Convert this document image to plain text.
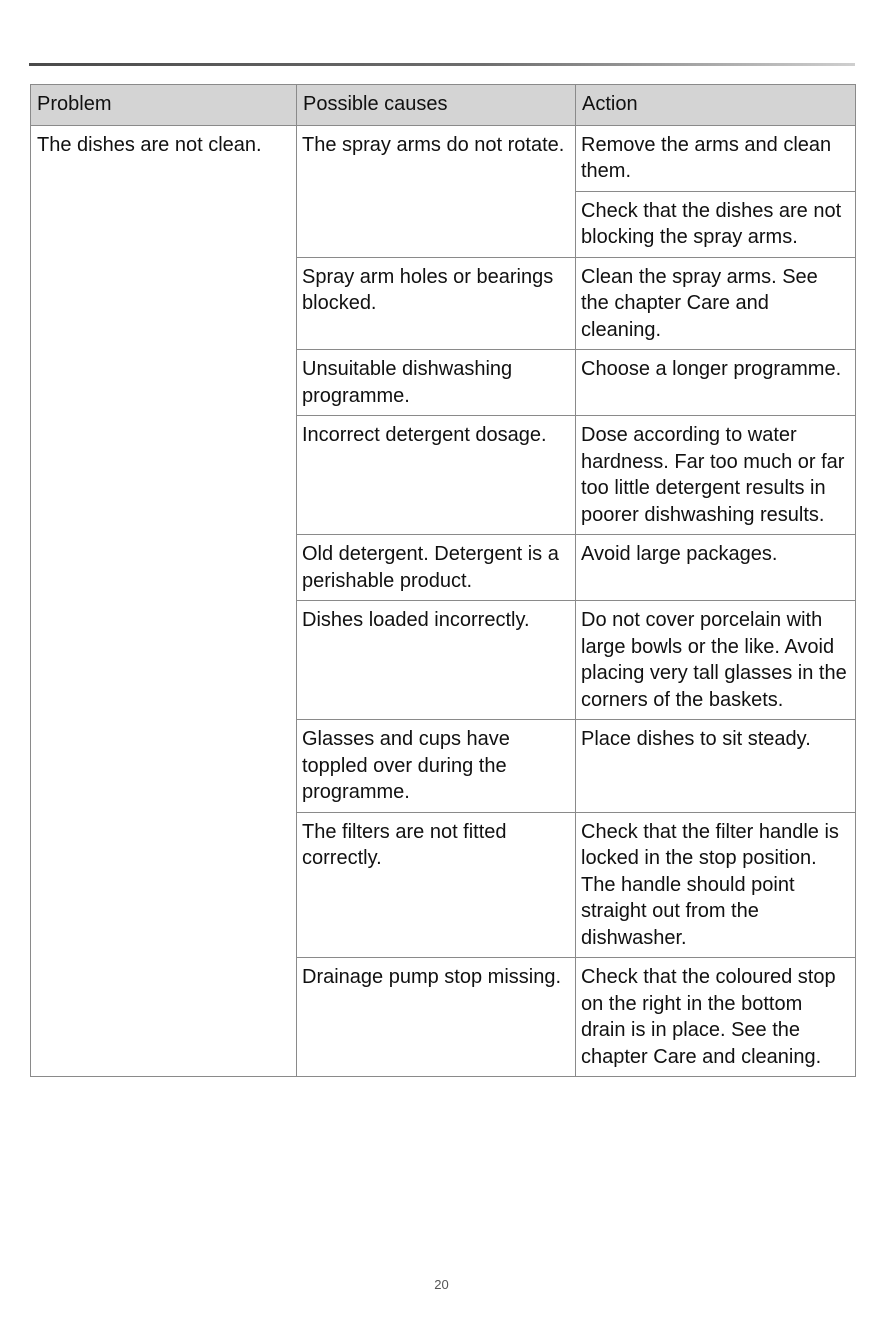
Problem	Possible causes	Action
The dishes are not clean.	The spray arms do not rotate.	Remove the arms and clean them.
		Check that the dishes are not blocking the spray arms.
	Spray arm holes or bearings blocked.	Clean the spray arms. See the chapter Care and cleaning.
	Unsuitable dishwashing programme.	Choose a longer programme.
	Incorrect detergent dosage.	Dose according to water hardness. Far too much or far too little detergent results in poorer dishwashing results.
	Old detergent. Detergent is a perishable product.	Avoid large packages.
	Dishes loaded incorrectly.	Do not cover porcelain with large bowls or the like. Avoid placing very tall glasses in the corners of the baskets.
	Glasses and cups have toppled over during the programme.	Place dishes to sit steady.
	The filters are not fitted correctly.	Check that the filter handle is locked in the stop position. The handle should point straight out from the dishwasher.
	Drainage pump stop missing.	Check that the coloured stop on the right in the bottom drain is in place. See the chapter Care and cleaning.
20
